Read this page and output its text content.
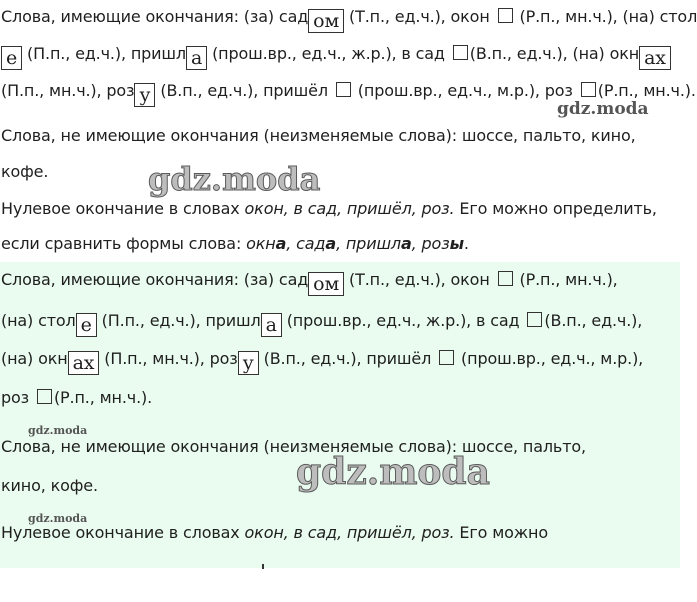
Слова, имеющие окончания: (за) сад ом (Т.п., ед.ч.), окон  (Р.п., мн.ч.), (на) стол
е (П.п., ед.ч.), пришл а (прош.вр., ед.ч., ж.р.), в сад (В.п., ед.ч.), (на) окн ах
(П.п., мн.ч.), роз у (В.п., ед.ч.), пришёл  (прош.вр., ед.ч., м.р.), роз (Р.п., мн.ч.).
Слова, не имеющие окончания (неизменяемые слова): шоссе, пальто, кино,
кофе.
Нулевое окончание в словах окон, в сад, пришёл, роз. Его можно определить,
если сравнить формы слова: окна, сада, пришла, розы.
gdz.moda
gdz.moda
Слова, имеющие окончания: (за) сад ом (Т.п., ед.ч.), окон  (Р.п., мн.ч.),
(на) стол е (П.п., ед.ч.), пришл а (прош.вр., ед.ч., ж.р.), в сад (В.п., ед.ч.),
(на) окн ах (П.п., мн.ч.), роз у (В.п., ед.ч.), пришёл  (прош.вр., ед.ч., м.р.),
роз (Р.п., мн.ч.).
Слова, не имеющие окончания (неизменяемые слова): шоссе, пальто,
кино, кофе.
Нулевое окончание в словах окон, в сад, пришёл, роз. Его можно
gdz.moda
gdz.moda
gdz.moda
